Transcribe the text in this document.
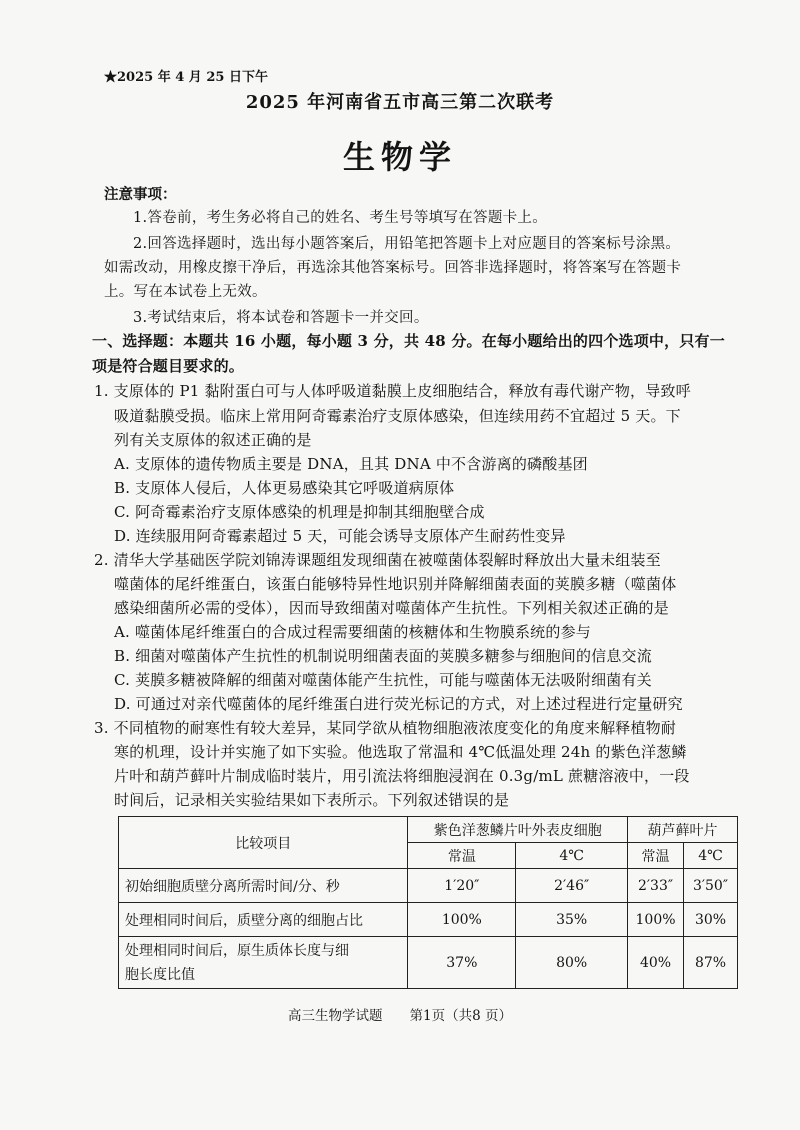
★2025 年 4 月 25 日下午
2025 年河南省五市高三第二次联考
生物学
注意事项：
1.答卷前，考生务必将自己的姓名、考生号等填写在答题卡上。
2.回答选择题时，选出每小题答案后，用铅笔把答题卡上对应题目的答案标号涂黑。
如需改动，用橡皮擦干净后，再选涂其他答案标号。回答非选择题时，将答案写在答题卡
上。写在本试卷上无效。
3.考试结束后，将本试卷和答题卡一并交回。
一、选择题：本题共 16 小题，每小题 3 分，共 48 分。在每小题给出的四个选项中，只有一
项是符合题目要求的。
1. 支原体的 P1 黏附蛋白可与人体呼吸道黏膜上皮细胞结合，释放有毒代谢产物，导致呼
吸道黏膜受损。临床上常用阿奇霉素治疗支原体感染，但连续用药不宜超过 5 天。下
列有关支原体的叙述正确的是
A. 支原体的遗传物质主要是 DNA，且其 DNA 中不含游离的磷酸基团
B. 支原体人侵后，人体更易感染其它呼吸道病原体
C. 阿奇霉素治疗支原体感染的机理是抑制其细胞壁合成
D. 连续服用阿奇霉素超过 5 天，可能会诱导支原体产生耐药性变异
2. 清华大学基础医学院刘锦涛课题组发现细菌在被噬菌体裂解时释放出大量未组装至
噬菌体的尾纤维蛋白，该蛋白能够特异性地识别并降解细菌表面的荚膜多糖（噬菌体
感染细菌所必需的受体），因而导致细菌对噬菌体产生抗性。下列相关叙述正确的是
A. 噬菌体尾纤维蛋白的合成过程需要细菌的核糖体和生物膜系统的参与
B. 细菌对噬菌体产生抗性的机制说明细菌表面的荚膜多糖参与细胞间的信息交流
C. 荚膜多糖被降解的细菌对噬菌体能产生抗性，可能与噬菌体无法吸附细菌有关
D. 可通过对亲代噬菌体的尾纤维蛋白进行荧光标记的方式，对上述过程进行定量研究
3. 不同植物的耐寒性有较大差异，某同学欲从植物细胞液浓度变化的角度来解释植物耐
寒的机理，设计并实施了如下实验。他选取了常温和 4℃低温处理 24h 的紫色洋葱鳞
片叶和葫芦藓叶片制成临时装片，用引流法将细胞浸润在 0.3g/mL 蔗糖溶液中，一段
时间后，记录相关实验结果如下表所示。下列叙述错误的是
比较项目	紫色洋葱鳞片叶外表皮细胞		葫芦藓叶片	
	常温	4℃	常温	4℃
初始细胞质壁分离所需时间/分、秒	1′20″	2′46″	2′33″	3′50″
处理相同时间后，质壁分离的细胞占比	100%	35%	100%	30%

处理相同时间后，原生质体长度与细
胞长度比值	37%	80%	40%	87%
高三生物学试题　　第1页（共8 页）
